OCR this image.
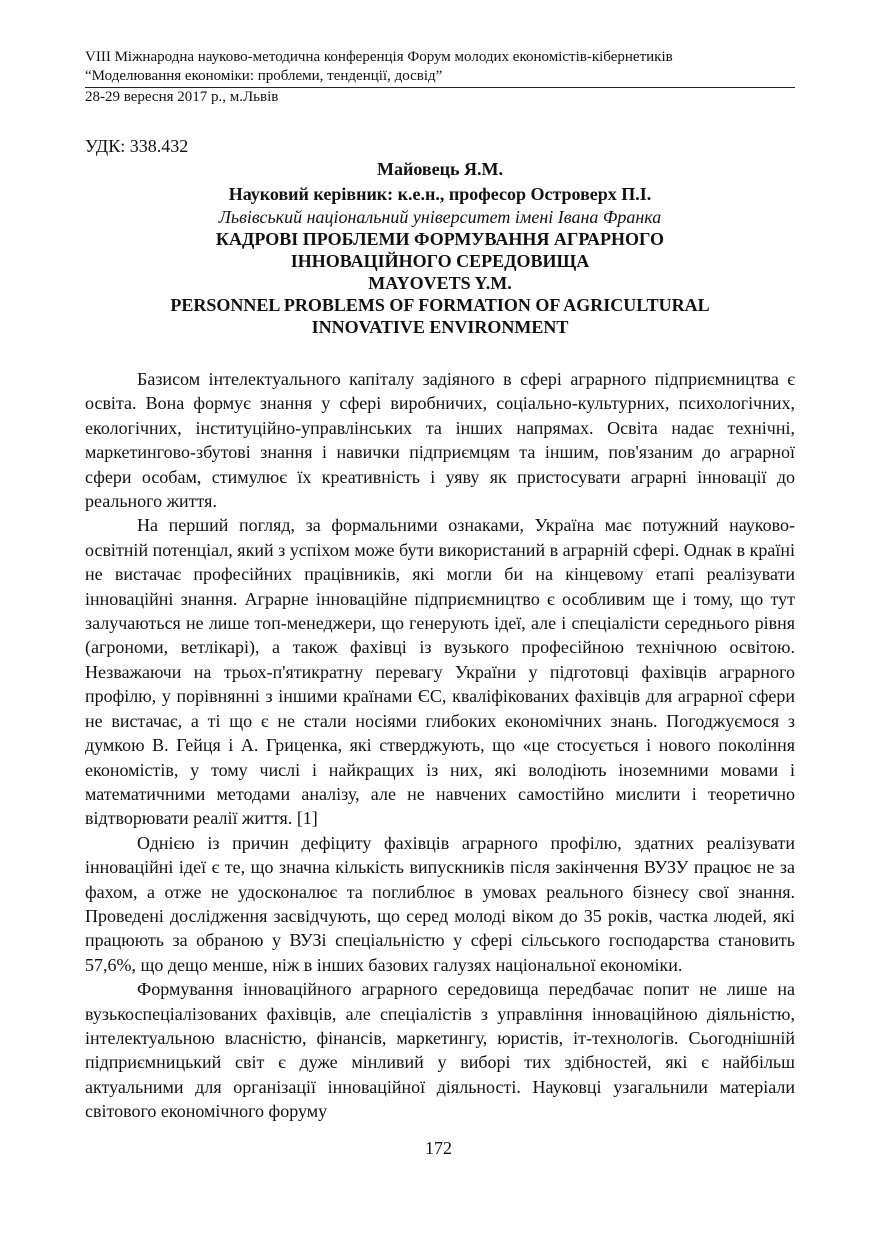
VIII Міжнародна науково-методична конференція Форум молодих економістів-кібернетиків
“Моделювання економіки: проблеми, тенденції, досвід”
28-29 вересня 2017 р., м.Львів
УДК: 338.432
Майовець Я.М.
Науковий керівник: к.е.н., професор Островерх П.І.
Львівський національний університет імені Івана Франка
КАДРОВІ ПРОБЛЕМИ ФОРМУВАННЯ АГРАРНОГО
ІННОВАЦІЙНОГО СЕРЕДОВИЩА
MAYOVETS Y.M.
PERSONNEL PROBLEMS OF FORMATION OF AGRICULTURAL
INNOVATIVE ENVIRONMENT

Базисом інтелектуального капіталу задіяного в сфері аграрного підприємництва є освіта. Вона формує знання у сфері виробничих, соціально-культурних, психологічних, екологічних, інституційно-управлінських та інших напрямах. Освіта надає технічні, маркетингово-збутові знання і навички підприємцям та іншим, пов'язаним до аграрної сфери особам, стимулює їх креативність і уяву як пристосувати аграрні інновації до реального життя.

На перший погляд, за формальними ознаками, Україна має потужний науково-освітній потенціал, який з успіхом може бути використаний в аграрній сфері. Однак в країні не вистачає професійних працівників, які могли би на кінцевому етапі реалізувати інноваційні знання. Аграрне інноваційне підприємництво є особливим ще і тому, що тут залучаються не лише топ-менеджери, що генерують ідеї, але і спеціалісти середнього рівня (агрономи, ветлікарі), а також фахівці із вузького професійною технічною освітою. Незважаючи на трьох-п'ятикратну перевагу України у підготовці фахівців аграрного профілю, у порівнянні з іншими країнами ЄС, кваліфікованих фахівців для аграрної сфери не вистачає, а ті що є не стали носіями глибоких економічних знань. Погоджуємося з думкою В. Гейця і А. Гриценка, які стверджують, що «це стосується і нового покоління економістів, у тому числі і найкращих із них, які володіють іноземними мовами і математичними методами аналізу, але не навчених самостійно мислити і теоретично відтворювати реалії життя. [1]

Однією із причин дефіциту фахівців аграрного профілю, здатних реалізувати інноваційні ідеї є те, що значна кількість випускників після закінчення ВУЗУ працює не за фахом, а отже не удосконалює та поглиблює в умовах реального бізнесу свої знання. Проведені дослідження засвідчують, що серед молоді віком до 35 років, частка людей, які працюють за обраною у ВУЗі спеціальністю у сфері сільського господарства становить 57,6%, що дещо менше, ніж в інших базових галузях національної економіки.

Формування інноваційного аграрного середовища передбачає попит не лише на вузькоспеціалізованих фахівців, але спеціалістів з управління інноваційною діяльністю, інтелектуальною власністю, фінансів, маркетингу, юристів, іт-технологів. Сьогоднішній підприємницький світ є дуже мінливий у виборі тих здібностей, які є найбільш актуальними для організації інноваційної діяльності. Науковці узагальнили матеріали світового економічного форуму

172
